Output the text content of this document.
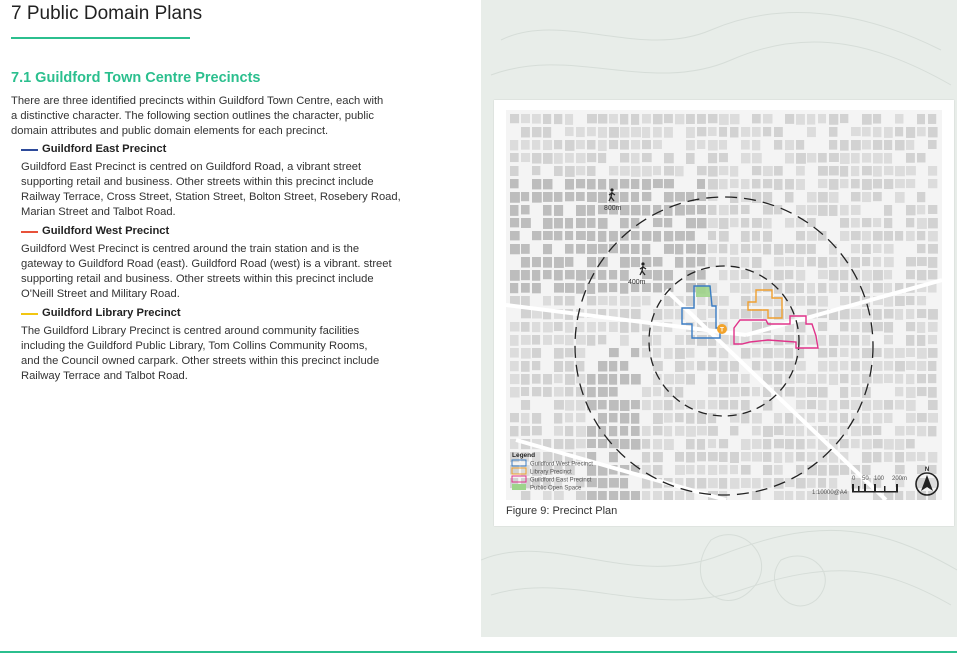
7 Public Domain Plans
7.1 Guildford Town Centre Precincts
There are three identified precincts within Guildford Town Centre, each with
a distinctive character. The following section outlines the character, public
domain attributes and public domain elements for each precinct.
Guildford East Precinct
Guildford East Precinct is centred on Guildford Road, a vibrant street
supporting retail and business. Other streets within this precinct include
Railway Terrace, Cross Street, Station Street, Bolton Street, Rosebery Road,
Marian Street and Talbot Road.
Guildford West Precinct
Guildford West Precinct is centred around the train station and is the
gateway to Guildford Road (east). Guildford Road (west) is a vibrant. street
supporting retail and business. Other streets within this precinct include
O'Neill Street and Military Road.
Guildford Library Precinct
The Guildford Library Precinct is centred around community facilities
including the Guildford Public Library, Tom Collins Community Rooms,
and the Council owned carpark. Other streets within this precinct include
Railway Terrace and Talbot Road.
800m
400m
T
Legend
Guildford West Precinct
Library Precinct
Guildford East Precinct
Public Open Space
0 50 100 200m
1:10000@A4
N
Figure 9: Precinct Plan
